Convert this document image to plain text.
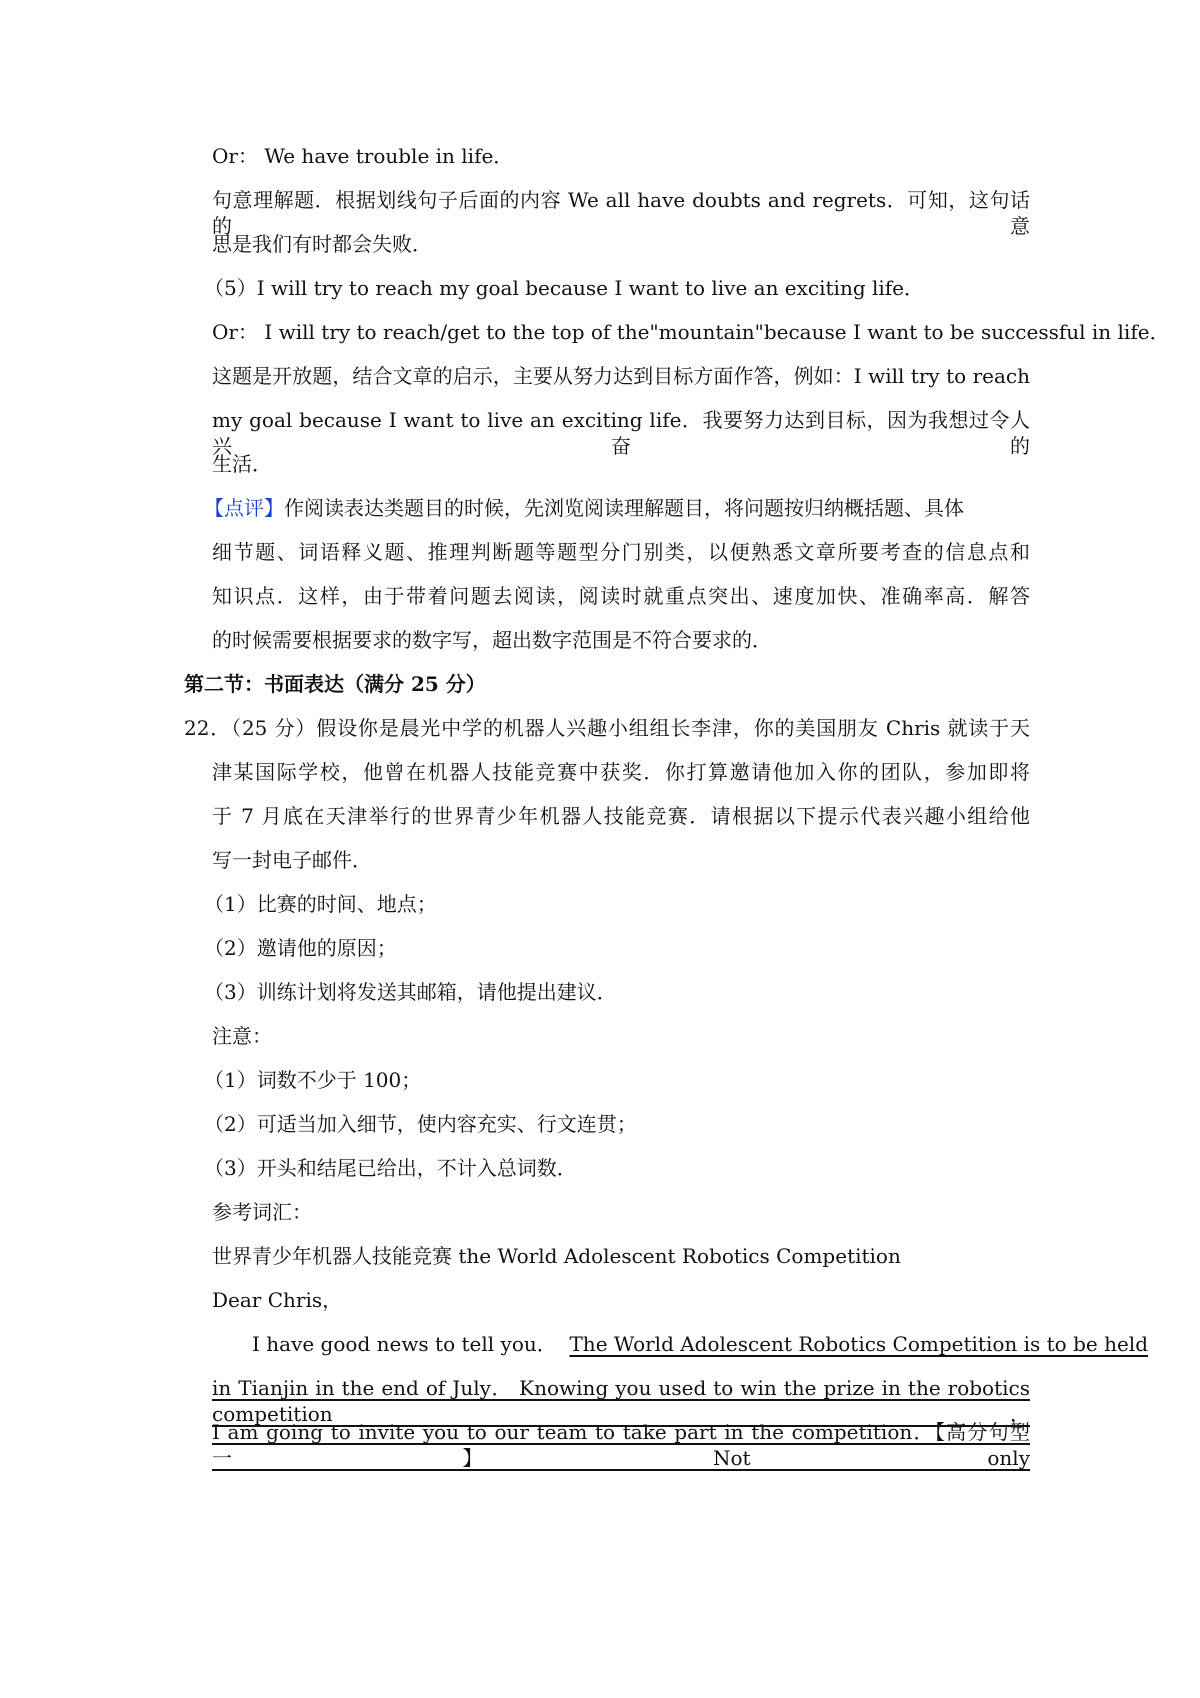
Or： We have trouble in life．
句意理解题．根据划线句子后面的内容 We all have doubts and regrets．可知，这句话的意
思是我们有时都会失败．
（5）I will try to reach my goal because I want to live an exciting life．
Or： I will try to reach/get to the top of the"mountain"because I want to be successful in life．
这题是开放题，结合文章的启示，主要从努力达到目标方面作答，例如：I will try to reach
my goal because I want to live an exciting life．我要努力达到目标，因为我想过令人兴奋的
生活．
【点评】作阅读表达类题目的时候，先浏览阅读理解题目，将问题按归纳概括题、具体
细节题、词语释义题、推理判断题等题型分门别类，以便熟悉文章所要考查的信息点和
知识点．这样，由于带着问题去阅读，阅读时就重点突出、速度加快、准确率高．解答
的时候需要根据要求的数字写，超出数字范围是不符合要求的．
第二节：书面表达（满分 25 分）
22．（25 分）假设你是晨光中学的机器人兴趣小组组长李津，你的美国朋友 Chris 就读于天
津某国际学校，他曾在机器人技能竞赛中获奖．你打算邀请他加入你的团队，参加即将
于 7 月底在天津举行的世界青少年机器人技能竞赛．请根据以下提示代表兴趣小组给他
写一封电子邮件．
（1）比赛的时间、地点；
（2）邀请他的原因；
（3）训练计划将发送其邮箱，请他提出建议．
注意：
（1）词数不少于 100；
（2）可适当加入细节，使内容充实、行文连贯；
（3）开头和结尾已给出，不计入总词数．
参考词汇：
世界青少年机器人技能竞赛 the World Adolescent Robotics Competition
Dear Chris，
I have good news to tell you． The World Adolescent Robotics Competition is to be held
in Tianjin in the end of July． Knowing you used to win the prize in the robotics competition，
I am going to invite you to our team to take part in the competition．【高分句型一】Not only
